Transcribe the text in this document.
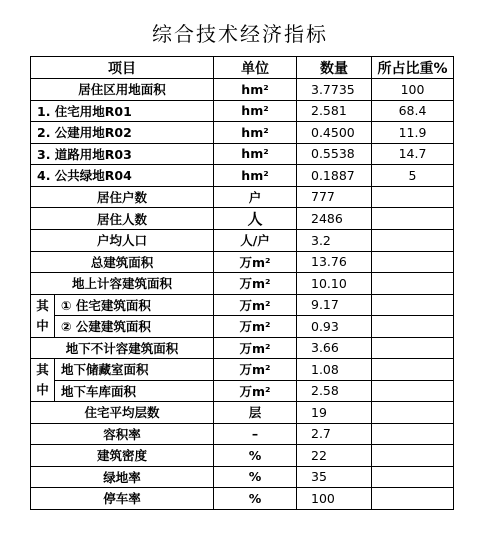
综合技术经济指标
项目		单位	数量	所占比重%
居住区用地面积		hm²	3.7735	100
1. 住宅用地R01		hm²	2.581	68.4
2. 公建用地R02		hm²	0.4500	11.9
3. 道路用地R03		hm²	0.5538	14.7
4. 公共绿地R04		hm²	0.1887	5
居住户数		户	777	
居住人数		人	2486	
户均人口		人/户	3.2	
总建筑面积		万m²	13.76	
地上计容建筑面积		万m²	10.10	
其中	① 住宅建筑面积	万m²	9.17	
	② 公建建筑面积	万m²	0.93	
地下不计容建筑面积		万m²	3.66	
其中	地下储藏室面积	万m²	1.08	
	地下车库面积	万m²	2.58	
住宅平均层数		层	19	
容积率		–	2.7	
建筑密度		%	22	
绿地率		%	35	
停车率		%	100	
